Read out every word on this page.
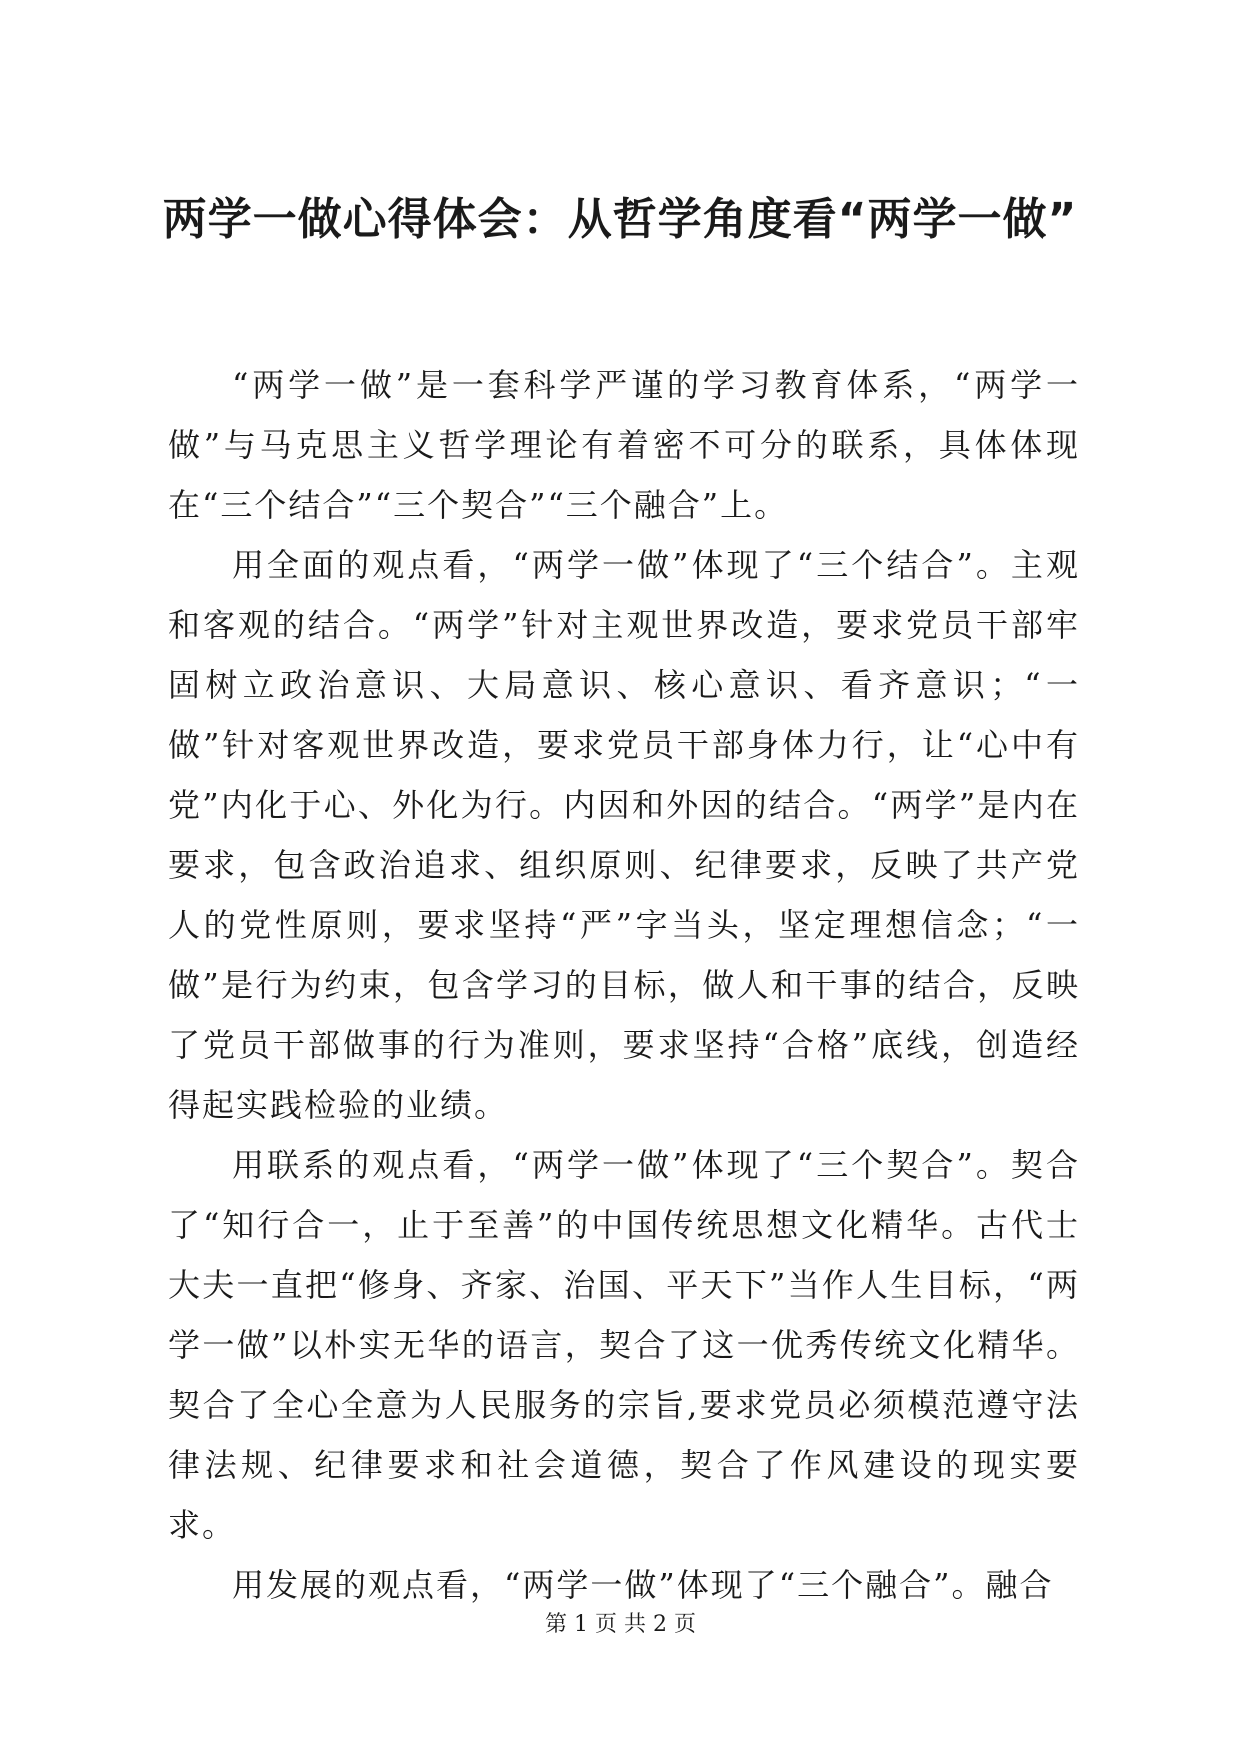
两学一做心得体会：从哲学角度看“两学一做”

“两学一做”是一套科学严谨的学习教育体系，“两学一做”与马克思主义哲学理论有着密不可分的联系，具体体现在“三个结合”“三个契合”“三个融合”上。

用全面的观点看，“两学一做”体现了“三个结合”。主观和客观的结合。“两学”针对主观世界改造，要求党员干部牢固树立政治意识、大局意识、核心意识、看齐意识；“一做”针对客观世界改造，要求党员干部身体力行，让“心中有党”内化于心、外化为行。内因和外因的结合。“两学”是内在要求，包含政治追求、组织原则、纪律要求，反映了共产党人的党性原则，要求坚持“严”字当头，坚定理想信念；“一做”是行为约束，包含学习的目标，做人和干事的结合，反映了党员干部做事的行为准则，要求坚持“合格”底线，创造经得起实践检验的业绩。

用联系的观点看，“两学一做”体现了“三个契合”。契合了“知行合一，止于至善”的中国传统思想文化精华。古代士大夫一直把“修身、齐家、治国、平天下”当作人生目标，“两学一做”以朴实无华的语言，契合了这一优秀传统文化精华。契合了全心全意为人民服务的宗旨,要求党员必须模范遵守法律法规、纪律要求和社会道德，契合了作风建设的现实要求。

用发展的观点看，“两学一做”体现了“三个融合”。融合

第 1 页 共 2 页
